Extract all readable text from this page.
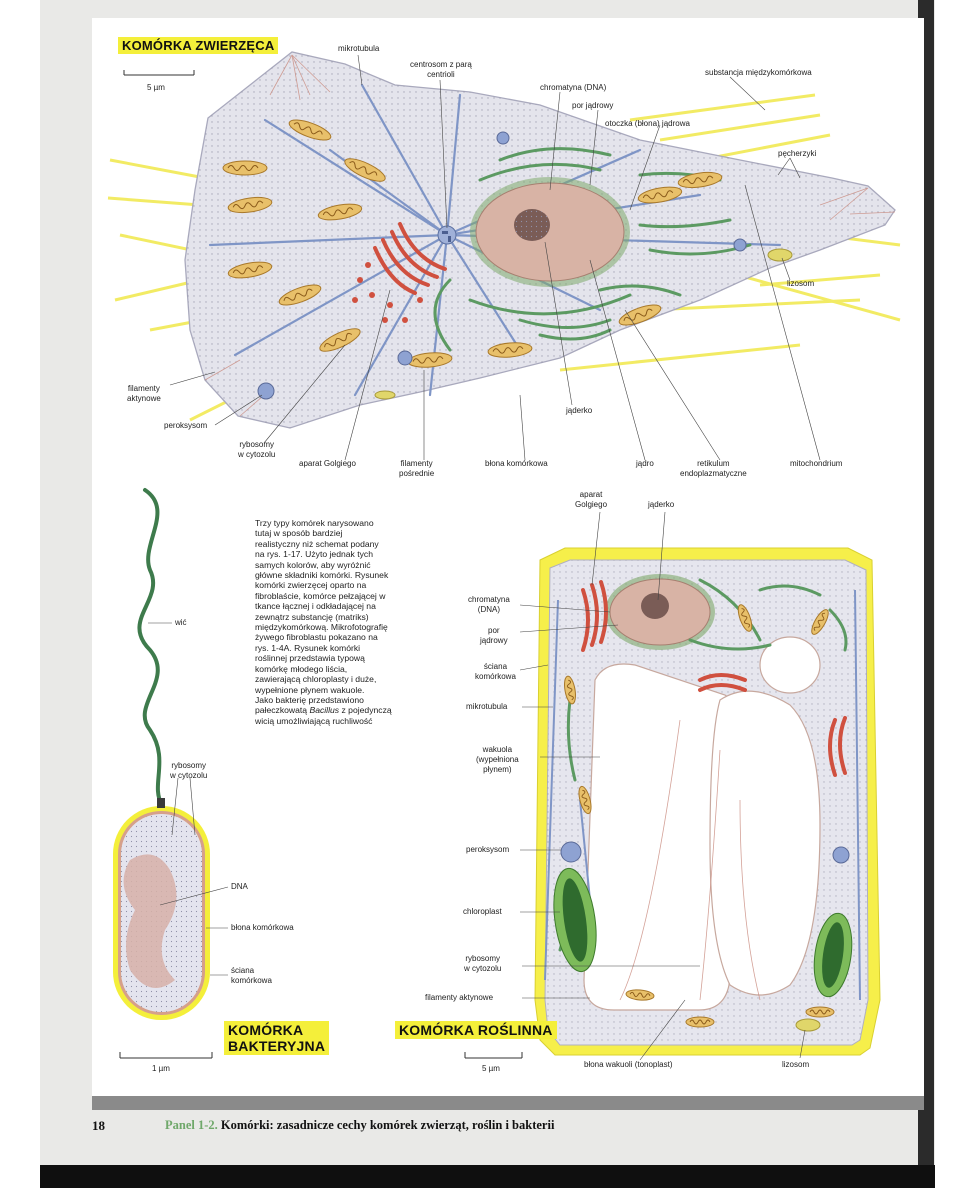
KOMÓRKA ZWIERZĘCA
KOMÓRKA
BAKTERYJNA
KOMÓRKA ROŚLINNA
5 µm
1 µm	5 µm
mikrotubula
centrosom z parą
centrioli
chromatyna (DNA)
por jądrowy
otoczka (błona) jądrowa
substancja międzykomórkowa
pęcherzyki
lizosom
filamenty
aktynowe
peroksysom
rybosomy
w cytozolu
aparat Golgiego	filamenty
pośrednie
błona komórkowa
jąderko
jądro	retikulum
endoplazmatyczne
mitochondrium
wić
rybosomy
w cytozolu
DNA
błona komórkowa
ściana
komórkowa
aparat
Golgiego	jąderko
chromatyna
(DNA)
por
jądrowy
ściana
komórkowa
mikrotubula
wakuola
(wypełniona
płynem)
peroksysom
chloroplast
rybosomy
w cytozolu
filamenty aktynowe
błona wakuoli (tonoplast)	lizosom
Trzy typy komórek narysowano
tutaj w sposób bardziej
realistyczny niż schemat podany
na rys. 1-17. Użyto jednak tych
samych kolorów, aby wyróżnić
główne składniki komórki. Rysunek
komórki zwierzęcej oparto na
fibroblaście, komórce pełzającej w
tkance łącznej i odkładającej na
zewnątrz substancję (matriks)
międzykomórkową. Mikrofotografię
żywego fibroblastu pokazano na
rys. 1-4A. Rysunek komórki
roślinnej przedstawia typową
komórkę młodego liścia,
zawierającą chloroplasty i duże,
wypełnione płynem wakuole.
Jako bakterię przedstawiono
pałeczkowatą Bacillus z pojedynczą
wicią umożliwiającą ruchliwość
18	Panel 1-2. Komórki: zasadnicze cechy komórek zwierząt, roślin i bakterii
